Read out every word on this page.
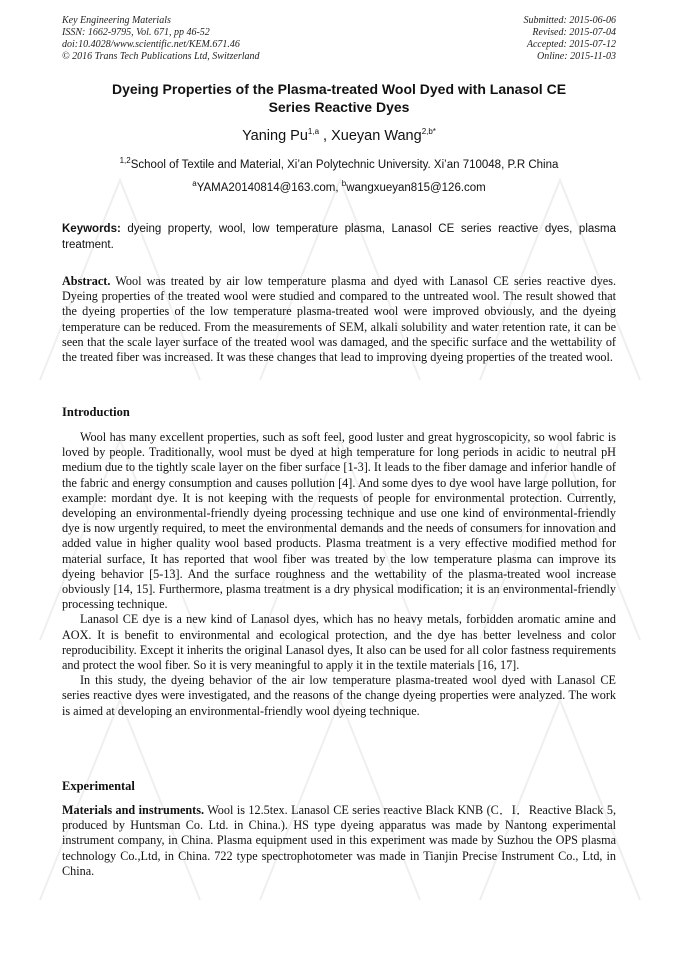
Key Engineering Materials
ISSN: 1662-9795, Vol. 671, pp 46-52
doi:10.4028/www.scientific.net/KEM.671.46
© 2016 Trans Tech Publications Ltd, Switzerland
Submitted: 2015-06-06
Revised: 2015-07-04
Accepted: 2015-07-12
Online: 2015-11-03
Dyeing Properties of the Plasma-treated Wool Dyed with Lanasol CE
Series Reactive Dyes
Yaning Pu$^{1,a}$ , Xueyan Wang$^{2,b*}$
$^{1,2}$School of Textile and Material, Xi’an Polytechnic University. Xi’an 710048, P.R China
$^a$YAMA20140814@163.com, $^b$wangxueyan815@126.com
Keywords: dyeing property, wool, low temperature plasma, Lanasol CE series reactive dyes, plasma treatment.
Abstract. Wool was treated by air low temperature plasma and dyed with Lanasol CE series reactive dyes. Dyeing properties of the treated wool were studied and compared to the untreated wool. The result showed that the dyeing properties of the low temperature plasma-treated wool were improved obviously, and the dyeing temperature can be reduced. From the measurements of SEM, alkali solubility and water retention rate, it can be seen that the scale layer surface of the treated wool was damaged, and the specific surface and the wettability of the treated fiber was increased. It was these changes that lead to improving dyeing properties of the treated wool.
Introduction

Wool has many excellent properties, such as soft feel, good luster and great hygroscopicity, so wool fabric is loved by people. Traditionally, wool must be dyed at high temperature for long periods in acidic to neutral pH medium due to the tightly scale layer on the fiber surface [1-3]. It leads to the fiber damage and inferior handle of the fabric and energy consumption and causes pollution [4]. And some dyes to dye wool have large pollution, for example: mordant dye. It is not keeping with the requests of people for environmental protection. Currently, developing an environmental-friendly dyeing processing technique and use one kind of environmental-friendly dye is now urgently required, to meet the environmental demands and the needs of consumers for innovation and added value in higher quality wool based products. Plasma treatment is a very effective modified method for material surface, It has reported that wool fiber was treated by the low temperature plasma can improve its dyeing behavior [5-13]. And the surface roughness and the wettability of the plasma-treated wool increase obviously [14, 15]. Furthermore, plasma treatment is a dry physical modification; it is an environmental-friendly processing technique.

Lanasol CE dye is a new kind of Lanasol dyes, which has no heavy metals, forbidden aromatic amine and AOX. It is benefit to environmental and ecological protection, and the dye has better levelness and color reproducibility. Except it inherits the original Lanasol dyes, It also can be used for all color fastness requirements and protect the wool fiber. So it is very meaningful to apply it in the textile materials [16, 17].

In this study, the dyeing behavior of the air low temperature plasma-treated wool dyed with Lanasol CE series reactive dyes were investigated, and the reasons of the change dyeing properties were analyzed. The work is aimed at developing an environmental-friendly wool dyeing technique.

Experimental
Materials and instruments. Wool is 12.5tex. Lanasol CE series reactive Black KNB (C．I．Reactive Black 5, produced by Huntsman Co. Ltd. in China.). HS type dyeing apparatus was made by Nantong experimental instrument company, in China. Plasma equipment used in this experiment was made by Suzhou the OPS plasma technology Co.,Ltd, in China. 722 type spectrophotometer was made in Tianjin Precise Instrument Co., Ltd, in China.
